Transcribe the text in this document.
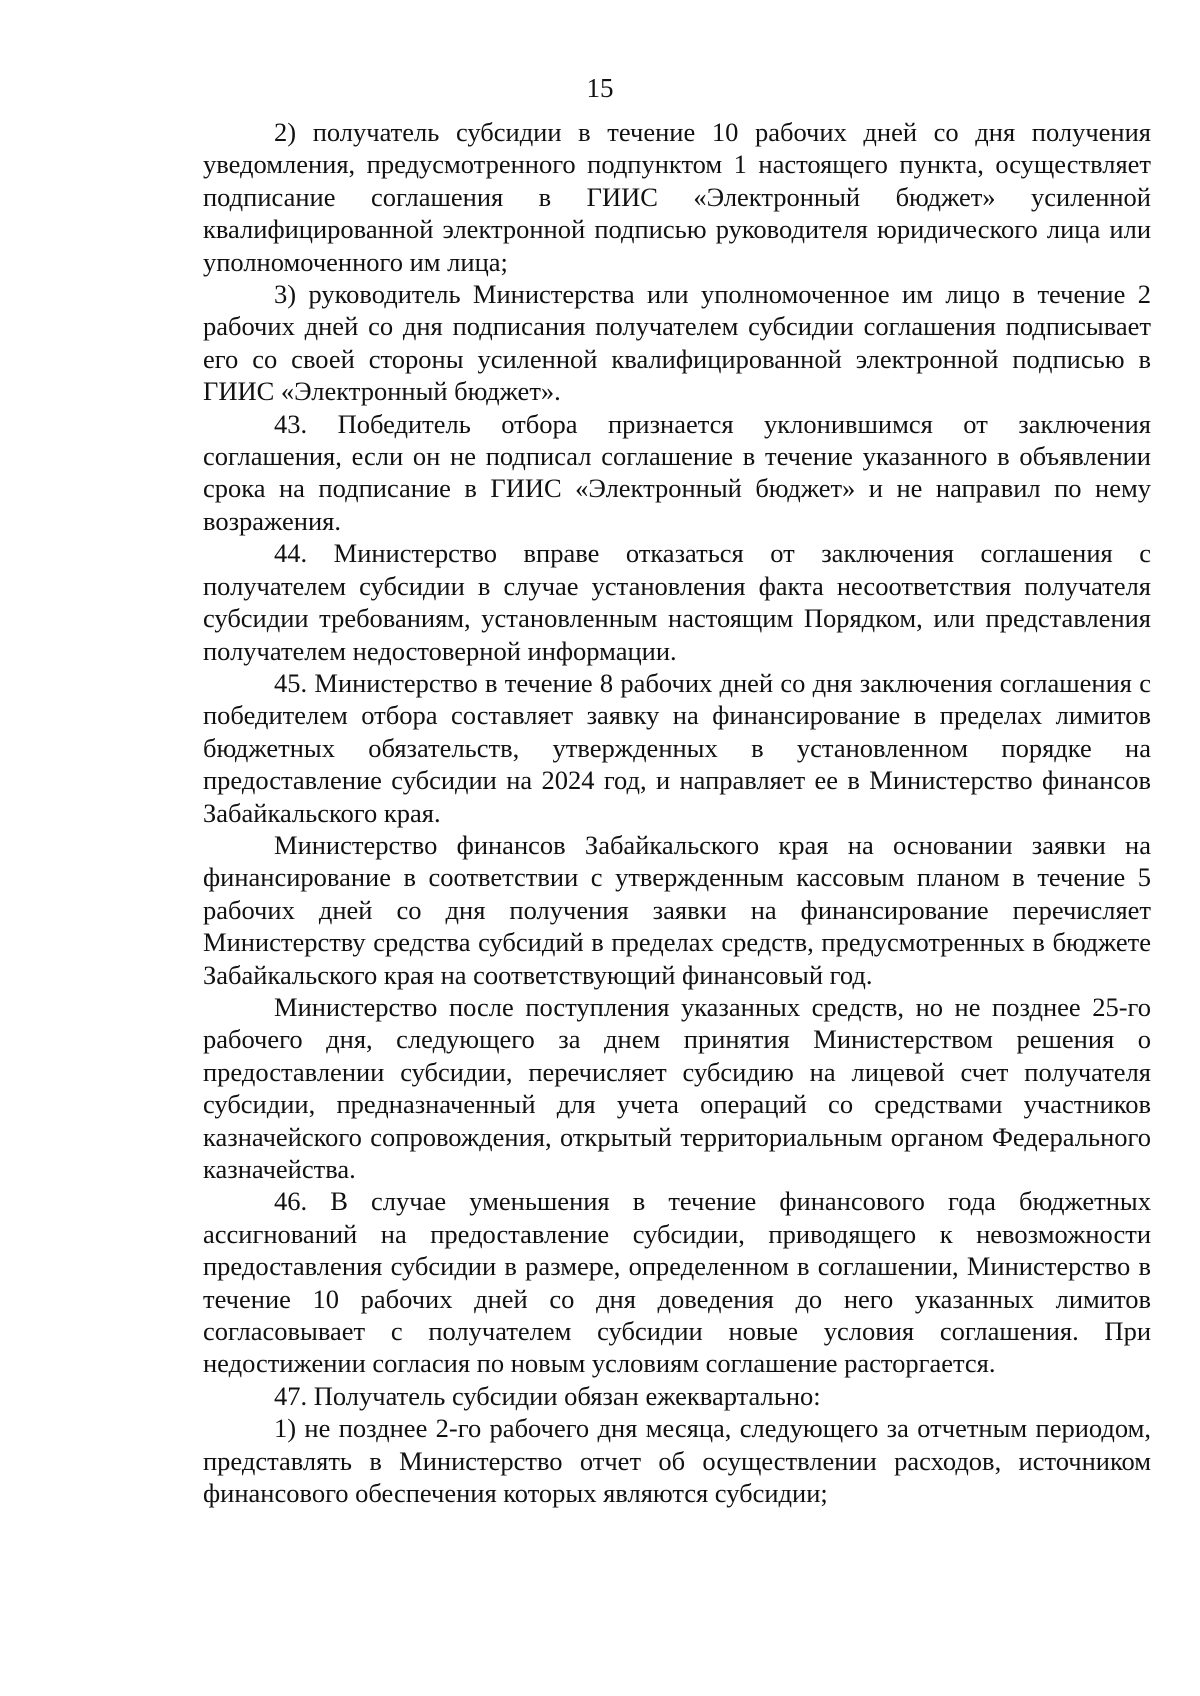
15

2) получатель субсидии в течение 10 рабочих дней со дня получения уведомления, предусмотренного подпунктом 1 настоящего пункта, осуществляет подписание соглашения в ГИИС «Электронный бюджет» усиленной квалифицированной электронной подписью руководителя юридического лица или уполномоченного им лица;

3) руководитель Министерства или уполномоченное им лицо в течение 2 рабочих дней со дня подписания получателем субсидии соглашения подписывает его со своей стороны усиленной квалифицированной электронной подписью в ГИИС «Электронный бюджет».

43. Победитель отбора признается уклонившимся от заключения соглашения, если он не подписал соглашение в течение указанного в объявлении срока на подписание в ГИИС «Электронный бюджет» и не направил по нему возражения.

44. Министерство вправе отказаться от заключения соглашения с получателем субсидии в случае установления факта несоответствия получателя субсидии требованиям, установленным настоящим Порядком, или представления получателем недостоверной информации.

45. Министерство в течение 8 рабочих дней со дня заключения соглашения с победителем отбора составляет заявку на финансирование в пределах лимитов бюджетных обязательств, утвержденных в установленном порядке на предоставление субсидии на 2024 год, и направляет ее в Министерство финансов Забайкальского края.

Министерство финансов Забайкальского края на основании заявки на финансирование в соответствии с утвержденным кассовым планом в течение 5 рабочих дней со дня получения заявки на финансирование перечисляет Министерству средства субсидий в пределах средств, предусмотренных в бюджете Забайкальского края на соответствующий финансовый год.

Министерство после поступления указанных средств, но не позднее 25-го рабочего дня, следующего за днем принятия Министерством решения о предоставлении субсидии, перечисляет субсидию на лицевой счет получателя субсидии, предназначенный для учета операций со средствами участников казначейского сопровождения, открытый территориальным органом Федерального казначейства.

46. В случае уменьшения в течение финансового года бюджетных ассигнований на предоставление субсидии, приводящего к невозможности предоставления субсидии в размере, определенном в соглашении, Министерство в течение 10 рабочих дней со дня доведения до него указанных лимитов согласовывает с получателем субсидии новые условия соглашения. При недостижении согласия по новым условиям соглашение расторгается.

47. Получатель субсидии обязан ежеквартально:

1) не позднее 2-го рабочего дня месяца, следующего за отчетным периодом, представлять в Министерство отчет об осуществлении расходов, источником финансового обеспечения которых являются субсидии;
